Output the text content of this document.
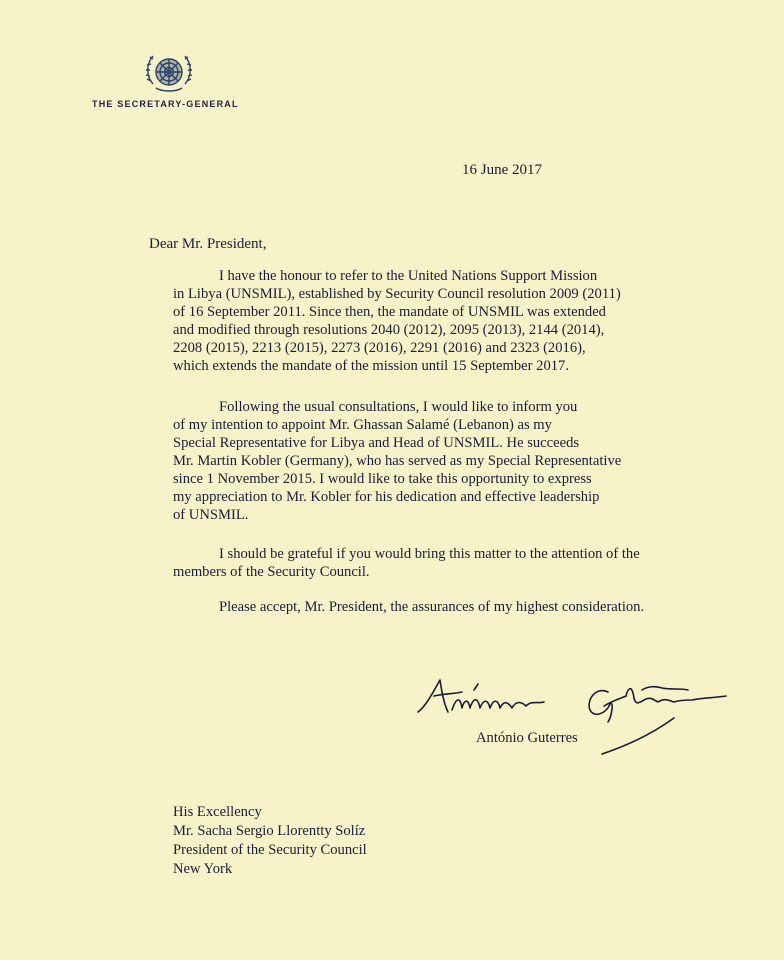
THE SECRETARY-GENERAL
16 June 2017
Dear Mr. President,

I have the honour to refer to the United Nations Support Mission
in Libya (UNSMIL), established by Security Council resolution 2009 (2011)
of 16 September 2011. Since then, the mandate of UNSMIL was extended
and modified through resolutions 2040 (2012), 2095 (2013), 2144 (2014),
2208 (2015), 2213 (2015), 2273 (2016), 2291 (2016) and 2323 (2016),
which extends the mandate of the mission until 15 September 2017.

Following the usual consultations, I would like to inform you
of my intention to appoint Mr. Ghassan Salamé (Lebanon) as my
Special Representative for Libya and Head of UNSMIL. He succeeds
Mr. Martin Kobler (Germany), who has served as my Special Representative
since 1 November 2015. I would like to take this opportunity to express
my appreciation to Mr. Kobler for his dedication and effective leadership
of UNSMIL.

I should be grateful if you would bring this matter to the attention of the
members of the Security Council.

Please accept, Mr. President, the assurances of my highest consideration.

António Guterres
His Excellency
Mr. Sacha Sergio Llorentty Solíz
President of the Security Council
New York
